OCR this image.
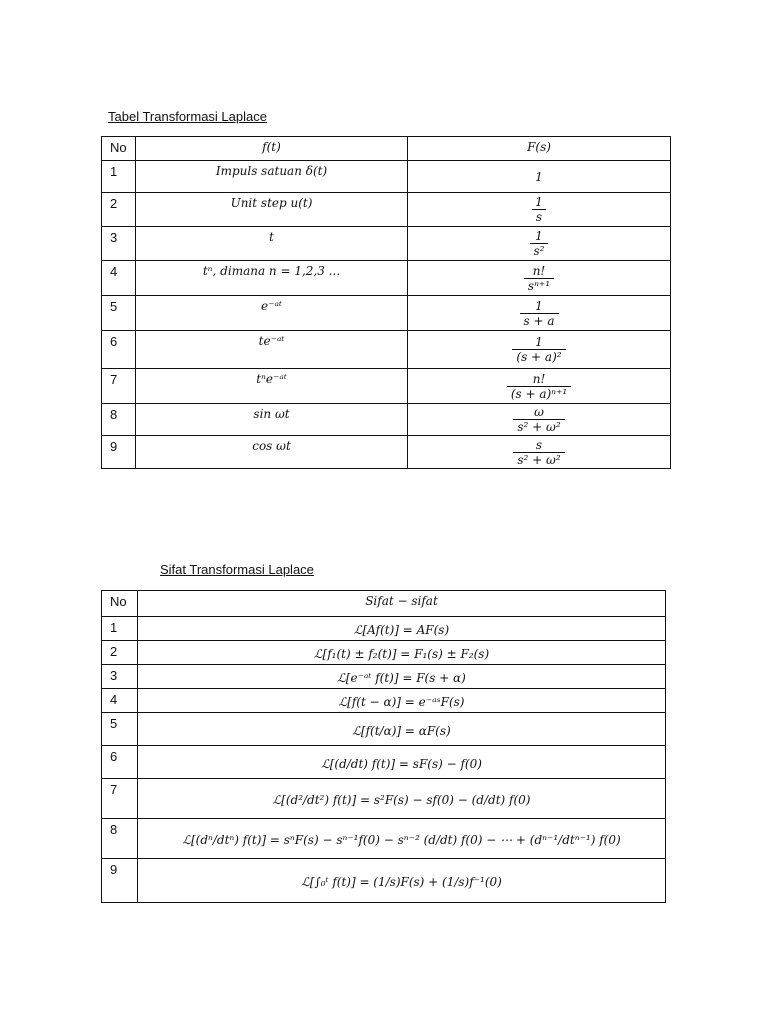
Tabel Transformasi Laplace
No	f(t)	F(s)
1	Impuls satuan δ(t)	1

2	Unit step u(t)	$\frac{1}{s}$

3	t	$\frac{1}{\text{s²}}$

4	tⁿ, dimana n = 1,2,3 ...	$\frac{n!}{\text{sⁿ⁺¹}}$

5	e⁻ᵃᵗ	$\frac{1}{s + a}$

6	te⁻ᵃᵗ	$\frac{1}{\text{(s + a)²}}$

7	tⁿe⁻ᵃᵗ	$\frac{n!}{\text{(s + a)ⁿ⁺¹}}$

8	sin ωt	$\frac{\omega}{\text{s² + ω²}}$

9	cos ωt	$\frac{s}{\text{s² + ω²}}$
Sifat Transformasi Laplace
No	Sifat − sifat
1	ℒ[Af(t)] = AF(s)
2	ℒ[f₁(t) ± f₂(t)] = F₁(s) ± F₂(s)
3	ℒ[e⁻ᵃᵗ f(t)] = F(s + α)
4	ℒ[f(t − α)] = e⁻ᵃˢF(s)
5	ℒ[f(t/α)] = αF(s)
6	ℒ[(d/dt) f(t)] = sF(s) − f(0)
7	ℒ[(d²/dt²) f(t)] = s²F(s) − sf(0) − (d/dt) f(0)
8	ℒ[(dⁿ/dtⁿ) f(t)] = sⁿF(s) − sⁿ⁻¹f(0) − sⁿ⁻² (d/dt) f(0) − ⋯ + (dⁿ⁻¹/dtⁿ⁻¹) f(0)
9	ℒ[∫₀ᵗ f(t)] = (1/s)F(s) + (1/s)f⁻¹(0)
